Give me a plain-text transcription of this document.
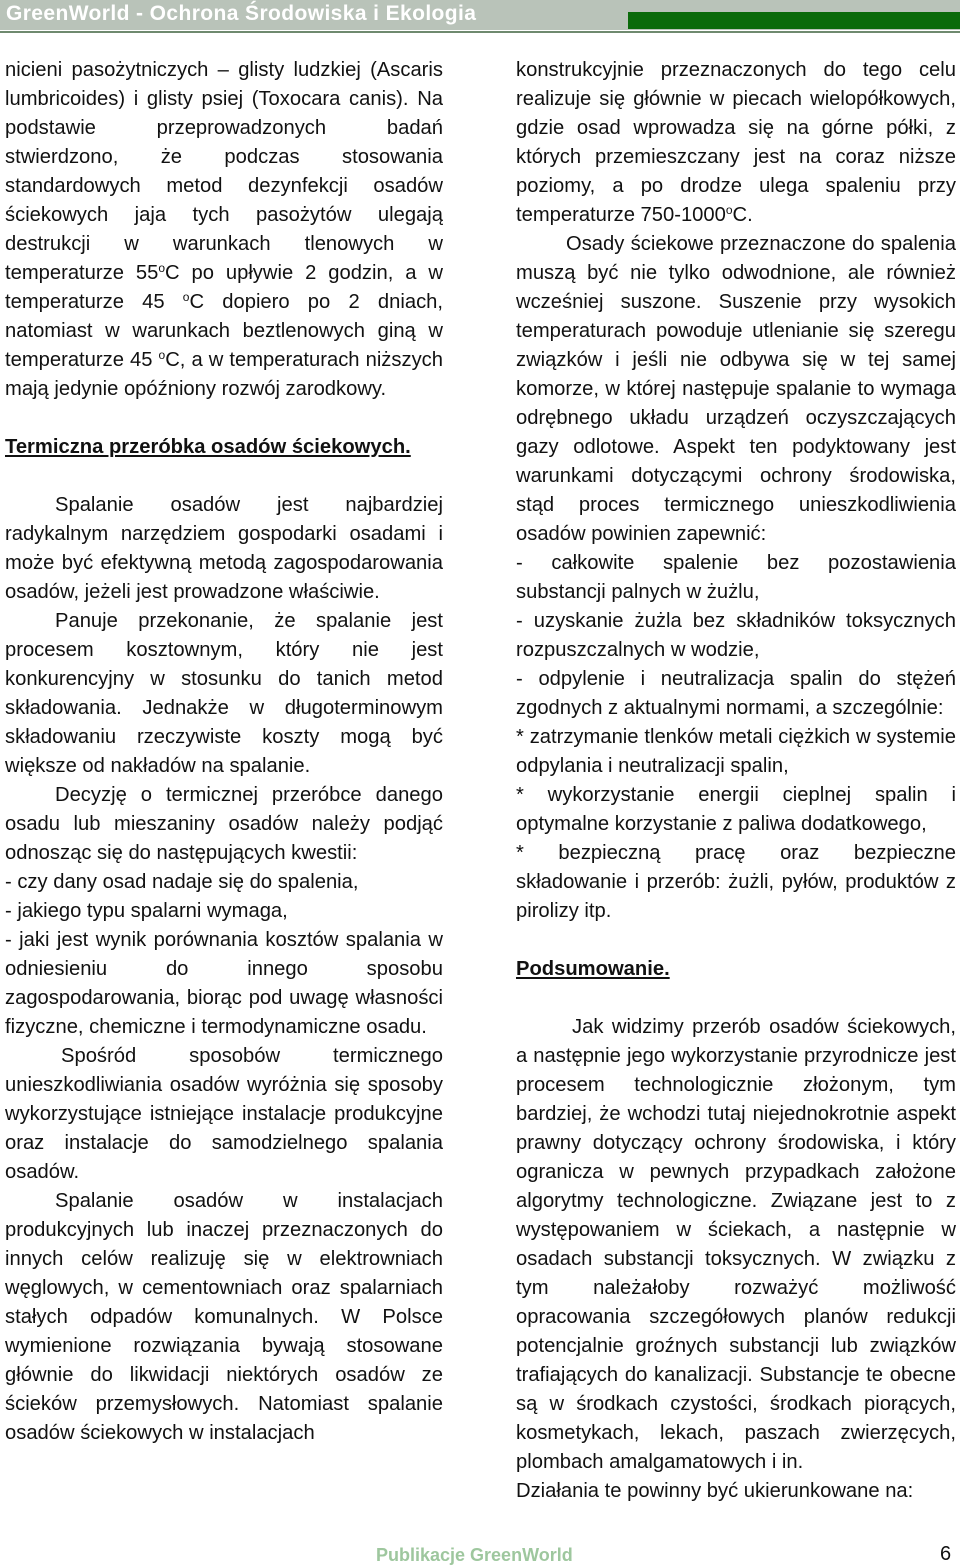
GreenWorld - Ochrona Środowiska i Ekologia

nicieni pasożytniczych – glisty ludzkiej (Ascaris lumbricoides) i glisty psiej (Toxocara canis). Na podstawie przeprowadzonych badań stwierdzono, że podczas stosowania standardowych metod dezynfekcji osadów ściekowych jaja tych pasożytów ulegają destrukcji w warunkach tlenowych w temperaturze 55$^o$C po upływie 2 godzin, a w temperaturze 45 $^o$C dopiero po 2 dniach, natomiast w warunkach beztlenowych giną w temperaturze 45 $^o$C, a w temperaturach niższych mają jedynie opóźniony rozwój zarodkowy.

Termiczna przeróbka osadów ściekowych.

Spalanie osadów jest najbardziej radykalnym narzędziem gospodarki osadami i może być efektywną metodą zagospodarowania osadów, jeżeli jest prowadzone właściwie.

Panuje przekonanie, że spalanie jest procesem kosztownym, który nie jest konkurencyjny w stosunku do tanich metod składowania. Jednakże w długoterminowym składowaniu rzeczywiste koszty mogą być większe od nakładów na spalanie.

Decyzję o termicznej przeróbce danego osadu lub mieszaniny osadów należy podjąć odnosząc się do następujących kwestii:

- czy dany osad nadaje się do spalenia,

- jakiego typu spalarni wymaga,

- jaki jest wynik porównania kosztów spalania w odniesieniu do innego sposobu zagospodarowania, biorąc pod uwagę własności fizyczne, chemiczne i termodynamiczne osadu.

Spośród sposobów termicznego unieszkodliwiania osadów wyróżnia się sposoby wykorzystujące istniejące instalacje produkcyjne oraz instalacje do samodzielnego spalania osadów.

Spalanie osadów w instalacjach produkcyjnych lub inaczej przeznaczonych do innych celów realizuję się w elektrowniach węglowych, w cementowniach oraz spalarniach stałych odpadów komunalnych. W Polsce wymienione rozwiązania bywają stosowane głównie do likwidacji niektórych osadów ze ścieków przemysłowych. Natomiast spalanie osadów ściekowych w instalacjach

konstrukcyjnie przeznaczonych do tego celu realizuje się głównie w piecach wielopółkowych, gdzie osad wprowadza się na górne półki, z których przemieszczany jest na coraz niższe poziomy, a po drodze ulega spaleniu przy temperaturze 750-1000$^o$C.

Osady ściekowe przeznaczone do spalenia muszą być nie tylko odwodnione, ale również wcześniej suszone. Suszenie przy wysokich temperaturach powoduje utlenianie się szeregu związków i jeśli nie odbywa się w tej samej komorze, w której następuje spalanie to wymaga odrębnego układu urządzeń oczyszczających gazy odlotowe. Aspekt ten podyktowany jest warunkami dotyczącymi ochrony środowiska, stąd proces termicznego unieszkodliwienia osadów powinien zapewnić:

- całkowite spalenie bez pozostawienia substancji palnych w żużlu,

- uzyskanie żużla bez składników toksycznych rozpuszczalnych w wodzie,

- odpylenie i neutralizacja spalin do stężeń zgodnych z aktualnymi normami, a szczególnie:

* zatrzymanie tlenków metali ciężkich w systemie odpylania i neutralizacji spalin,

* wykorzystanie energii cieplnej spalin i optymalne korzystanie z paliwa dodatkowego,

* bezpieczną pracę oraz bezpieczne składowanie i przerób: żużli, pyłów, produktów z pirolizy itp.

Podsumowanie.

Jak widzimy przerób osadów ściekowych, a następnie jego wykorzystanie przyrodnicze jest procesem technologicznie złożonym, tym bardziej, że wchodzi tutaj niejednokrotnie aspekt prawny dotyczący ochrony środowiska, i który ogranicza w pewnych przypadkach założone algorytmy technologiczne. Związane jest to z występowaniem w ściekach, a następnie w osadach substancji toksycznych. W związku z tym należałoby rozważyć możliwość opracowania szczegółowych planów redukcji potencjalnie groźnych substancji lub związków trafiających do kanalizacji. Substancje te obecne są w środkach czystości, środkach piorących, kosmetykach, lekach, paszach zwierzęcych, plombach amalgamatowych i in.

Działania te powinny być ukierunkowane na:

Publikacje GreenWorld	6
